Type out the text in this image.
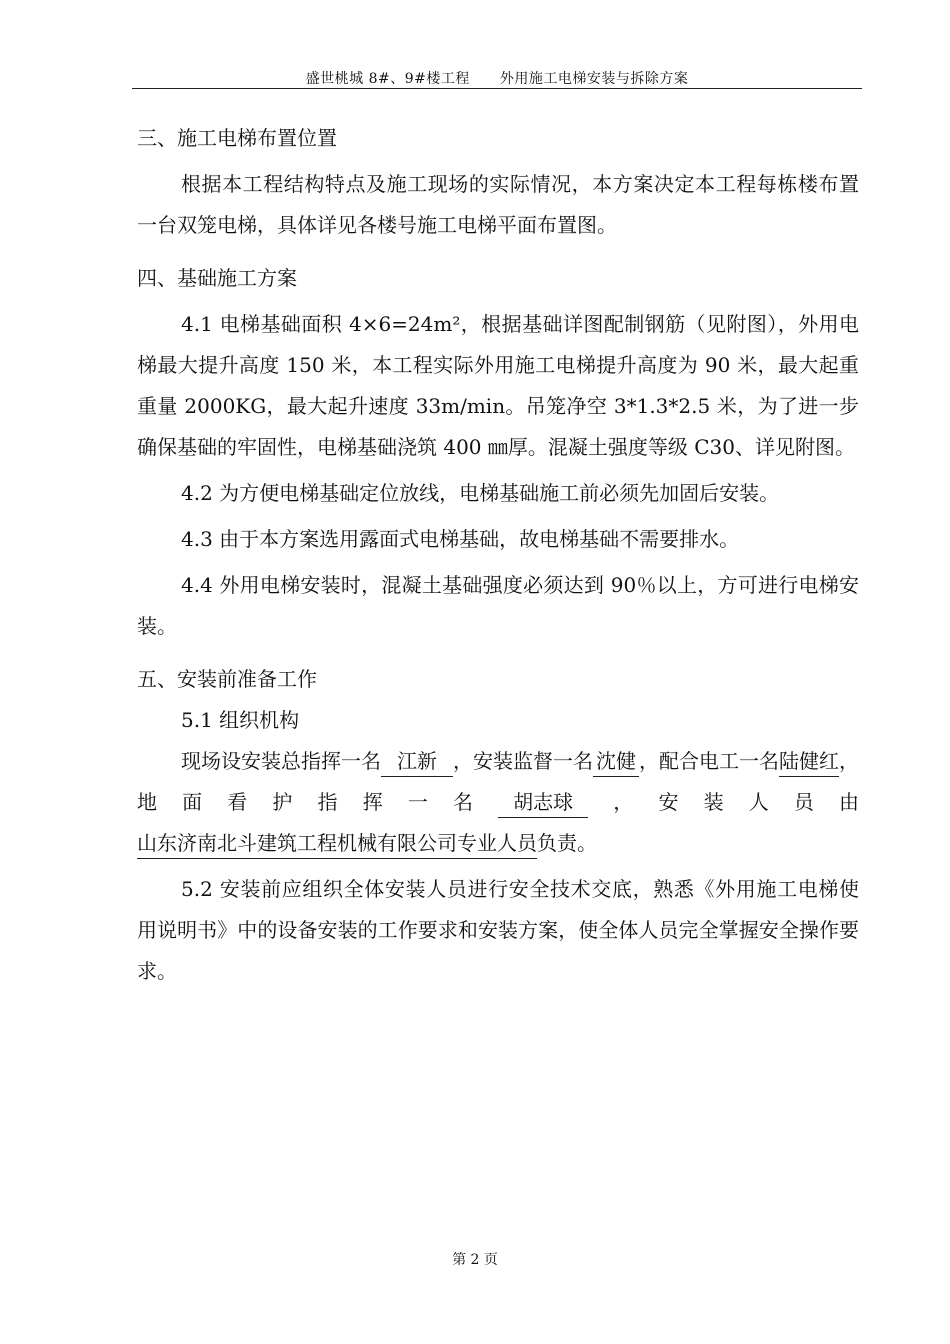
盛世桃城 8#、9#楼工程 外用施工电梯安装与拆除方案

三、施工电梯布置位置

根据本工程结构特点及施工现场的实际情况，本方案决定本工程每栋楼布置一台双笼电梯，具体详见各楼号施工电梯平面布置图。

四、基础施工方案

4.1 电梯基础面积 4×6=24m²，根据基础详图配制钢筋（见附图），外用电梯最大提升高度 150 米，本工程实际外用施工电梯提升高度为 90 米，最大起重重量 2000KG，最大起升速度 33m/min。吊笼净空 3*1.3*2.5 米，为了进一步确保基础的牢固性，电梯基础浇筑 400 ㎜厚。混凝土强度等级 C30、详见附图。

4.2 为方便电梯基础定位放线，电梯基础施工前必须先加固后安装。

4.3 由于本方案选用露面式电梯基础，故电梯基础不需要排水。

4.4 外用电梯安装时，混凝土基础强度必须达到 90％以上，方可进行电梯安装。

五、安装前准备工作

5.1 组织机构

现场设安装总指挥一名 江新 ，安装监督一名 沈健 ，配合电工一名陆健红，地面看护指挥一名 胡志球 ，安装人员由山东济南北斗建筑工程机械有限公司专业人员负责。

5.2 安装前应组织全体安装人员进行安全技术交底，熟悉《外用施工电梯使用说明书》中的设备安装的工作要求和安装方案，使全体人员完全掌握安全操作要求。

第 2 页
